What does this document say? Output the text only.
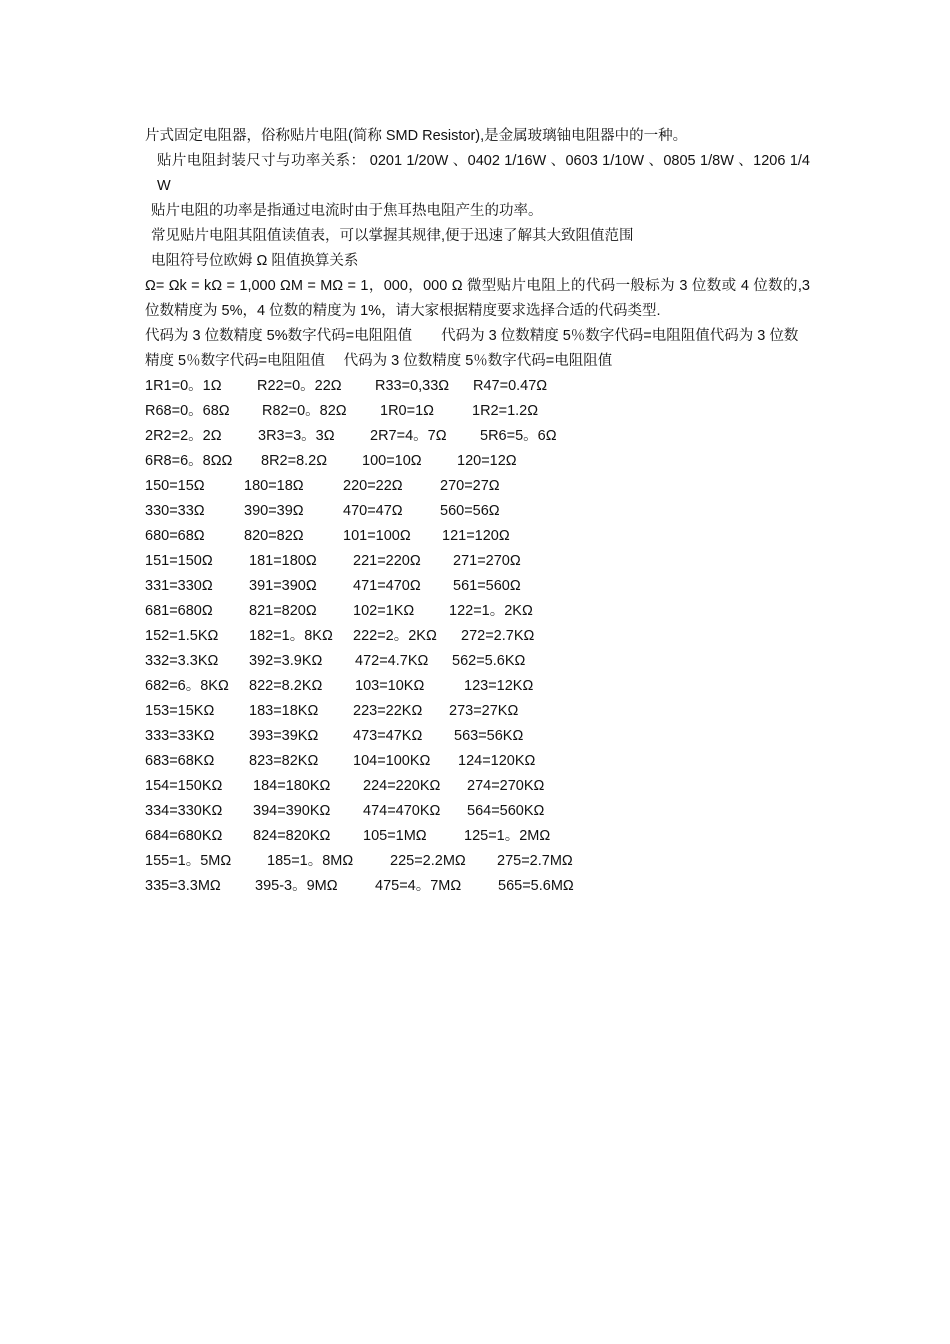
片式固定电阻器，俗称贴片电阻(简称 SMD Resistor),是金属玻璃铀电阻器中的一种。

贴片电阻封装尺寸与功率关系： 0201 1/20W 、0402 1/16W 、0603 1/10W 、0805 1/8W 、1206 1/4W

贴片电阻的功率是指通过电流时由于焦耳热电阻产生的功率。

常见贴片电阻其阻值读值表，可以掌握其规律,便于迅速了解其大致阻值范围

电阻符号位欧姆 Ω 阻值换算关系

Ω= Ωk = kΩ = 1,000 ΩM = MΩ = 1，000，000 Ω 微型贴片电阻上的代码一般标为 3 位数或 4 位数的,3 位数精度为 5%，4 位数的精度为 1%，请大家根据精度要求选择合适的代码类型.

代码为 3 位数精度 5%数字代码=电阻阻值　　代码为 3 位数精度 5％数字代码=电阻阻值代码为 3 位数

精度 5％数字代码=电阻阻值　 代码为 3 位数精度 5％数字代码=电阻阻值

1R1=0。1Ω R22=0。22Ω R33=0,33Ω R47=0.47Ω
R68=0。68Ω R82=0。82Ω 1R0=1Ω	1R2=1.2Ω
2R2=2。2Ω	3R3=3。3Ω 2R7=4。7Ω 5R6=5。6Ω
6R8=6。8ΩΩ 8R2=8.2Ω 100=10Ω 120=12Ω
150=15Ω	180=18Ω	220=22Ω	270=27Ω
330=33Ω	390=39Ω	470=47Ω	560=56Ω
680=68Ω	820=82Ω	101=100Ω 121=120Ω
151=150Ω	181=180Ω	221=220Ω 271=270Ω
331=330Ω	391=390Ω	471=470Ω 561=560Ω
681=680Ω	821=820Ω	102=1KΩ 122=1。2KΩ
152=1.5KΩ 182=1。8KΩ 222=2。2KΩ 272=2.7KΩ
332=3.3KΩ 392=3.9KΩ 472=4.7KΩ 562=5.6KΩ
682=6。8KΩ 822=8.2KΩ 103=10KΩ	123=12KΩ
153=15KΩ 183=18KΩ 223=22KΩ 273=27KΩ
333=33KΩ 393=39KΩ 473=47KΩ 563=56KΩ
683=68KΩ 823=82KΩ 104=100KΩ 124=120KΩ
154=150KΩ 184=180KΩ 224=220KΩ 274=270KΩ
334=330KΩ 394=390KΩ 474=470KΩ 564=560KΩ
684=680KΩ 824=820KΩ 105=1MΩ	125=1。2MΩ
155=1。5MΩ 185=1。8MΩ	225=2.2MΩ 275=2.7MΩ
335=3.3MΩ 395-3。9MΩ	475=4。7MΩ	565=5.6MΩ
